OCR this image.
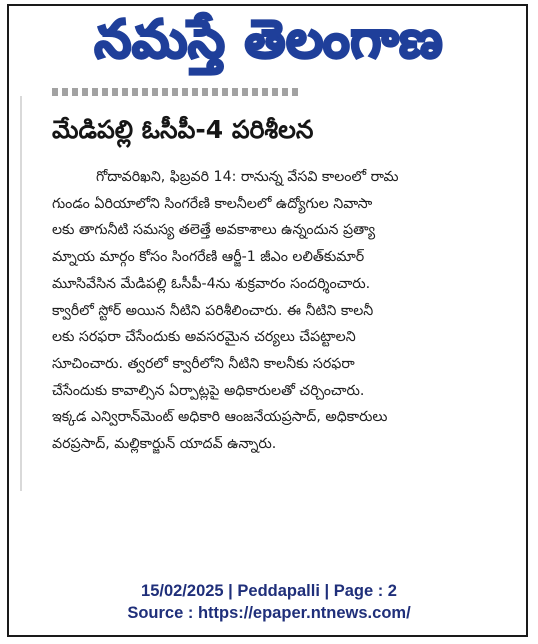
నమస్తే తెలంగాణ
మేడిపల్లి ఓసీపీ-4 పరిశీలన
గోదావరిఖని, ఫిబ్రవరి 14: రానున్న వేసవి కాలంలో రామ
గుండం ఏరియాలోని సింగరేణి కాలనీలలో ఉద్యోగుల నివాసా
లకు తాగునీటి సమస్య తలెత్తే అవకాశాలు ఉన్నందున ప్రత్యా
మ్నాయ మార్గం కోసం సింగరేణి ఆర్జీ-1 జీఎం లలిత్‌కుమార్
మూసివేసిన మేడిపల్లి ఓసీపీ-4ను శుక్రవారం సందర్శించారు.
క్వారీలో స్టోర్ అయిన నీటిని పరిశీలించారు. ఈ నీటిని కాలనీ
లకు సరఫరా చేసేందుకు అవసరమైన చర్యలు చేపట్టాలని
సూచించారు. త్వరలో క్వారీలోని నీటిని కాలనీకు సరఫరా
చేసేందుకు కావాల్సిన ఏర్పాట్లపై అధికారులతో చర్చించారు.
ఇక్కడ ఎన్విరాన్‌మెంట్ అధికారి ఆంజనేయప్రసాద్, అధికారులు
వరప్రసాద్, మల్లికార్జున్ యాదవ్ ఉన్నారు.
15/02/2025 | Peddapalli | Page : 2
Source : https://epaper.ntnews.com/
